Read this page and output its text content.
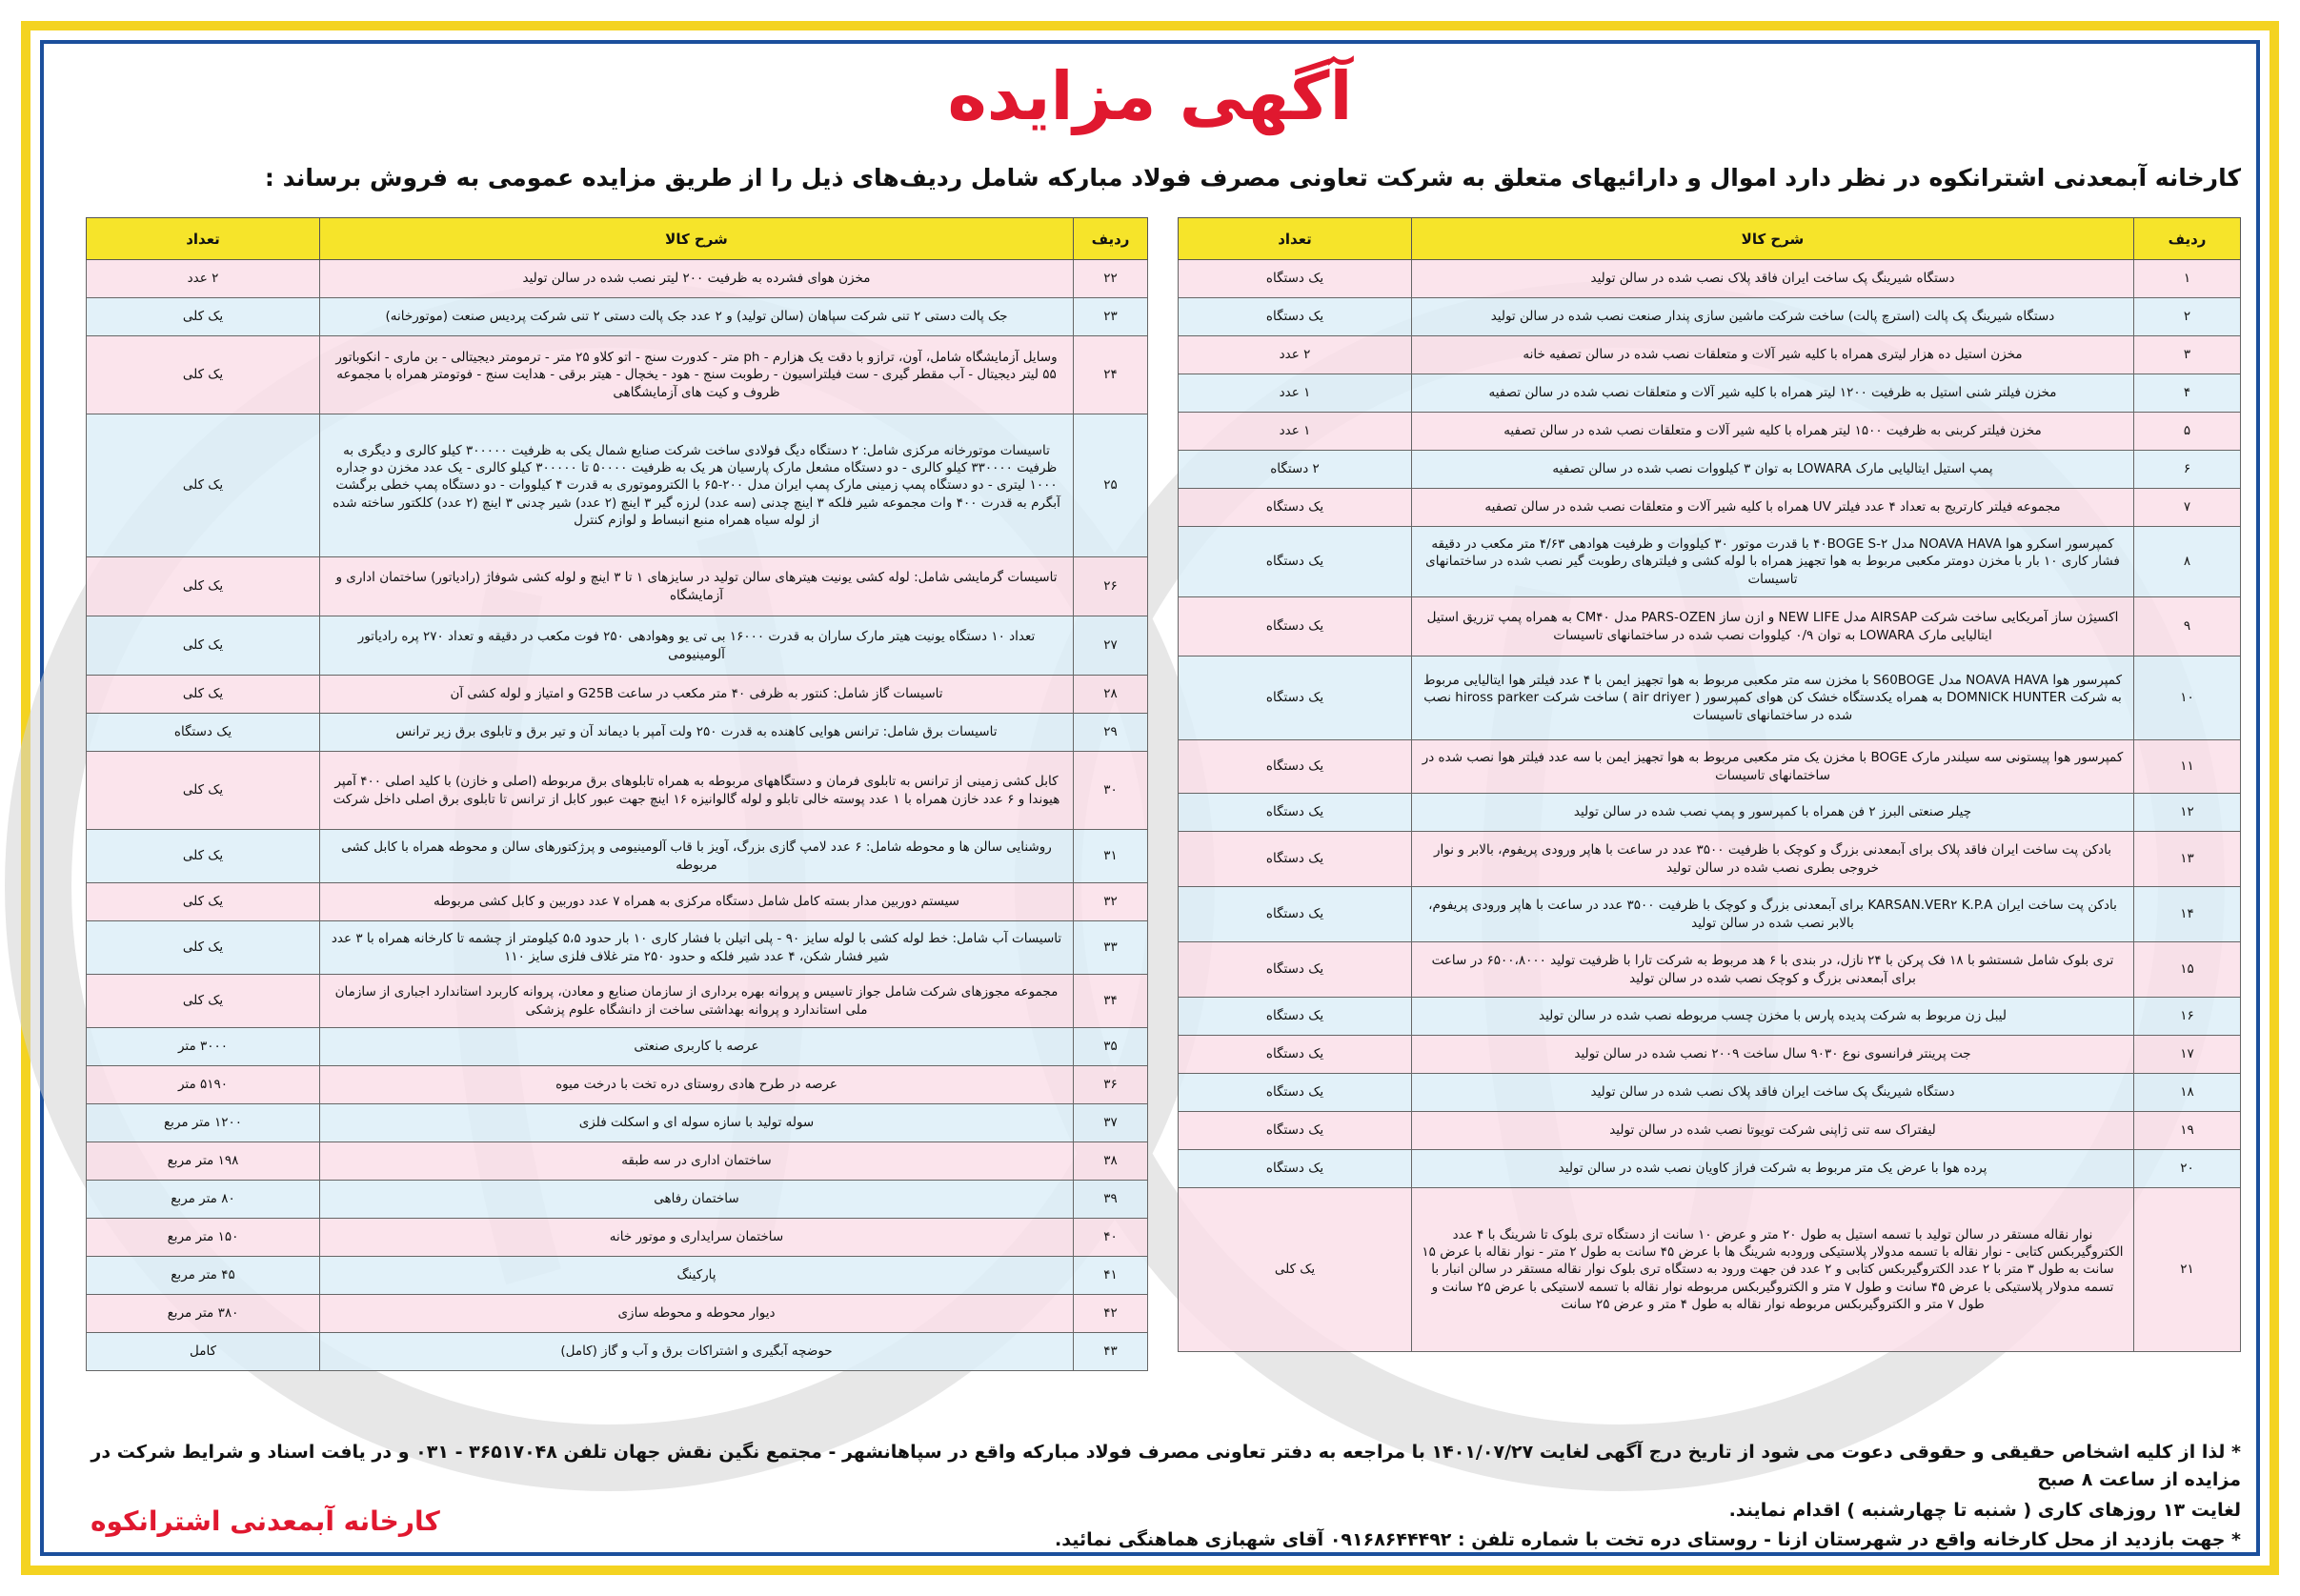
آگهی مزایده
کارخانه آبمعدنی اشترانکوه در نظر دارد اموال و دارائیهای متعلق به شرکت تعاونی مصرف فولاد مبارکه شامل ردیف‌های ذیل را از طریق مزایده عمومی به فروش برساند :
ردیف	شرح کالا	تعداد
۱	دستگاه شیرینگ پک ساخت ایران فاقد پلاک نصب شده در سالن تولید	یک دستگاه
۲	دستگاه شیرینگ پک پالت (استرچ پالت) ساخت شرکت ماشین سازی پندار صنعت نصب شده در سالن تولید	یک دستگاه
۳	مخزن استیل ده هزار لیتری همراه با کلیه شیر آلات و متعلقات نصب شده در سالن تصفیه خانه	۲ عدد
۴	مخزن فیلتر شنی استیل به ظرفیت ۱۲۰۰ لیتر همراه با کلیه شیر آلات و متعلقات نصب شده در سالن تصفیه	۱ عدد
۵	مخزن فیلتر کربنی به ظرفیت ۱۵۰۰ لیتر همراه با کلیه شیر آلات و متعلقات نصب شده در سالن تصفیه	۱ عدد
۶	پمپ استیل ایتالیایی مارک LOWARA به توان ۳ کیلووات نصب شده در سالن تصفیه	۲ دستگاه
۷	مجموعه فیلتر کارتریج به تعداد ۴ عدد فیلتر UV همراه با کلیه شیر آلات و متعلقات نصب شده در سالن تصفیه	یک دستگاه
۸	کمپرسور اسکرو هوا NOAVA HAVA مدل ۲-۴۰BOGE S با قدرت موتور ۳۰ کیلووات و ظرفیت هوادهی ۴/۶۳ متر مکعب در دقیقه فشار کاری ۱۰ بار با مخزن دومتر مکعبی مربوط به هوا تجهیز همراه با لوله کشی و فیلترهای رطوبت گیر نصب شده در ساختمانهای تاسیسات	یک دستگاه
۹	اکسیژن ساز آمریکایی ساخت شرکت AIRSAP مدل NEW LIFE و ازن ساز PARS-OZEN مدل CM۴۰ به همراه پمپ تزریق استیل ایتالیایی مارک LOWARA به توان ۰/۹ کیلووات نصب شده در ساختمانهای تاسیسات	یک دستگاه
۱۰	کمپرسور هوا NOAVA HAVA مدل S60BOGE با مخزن سه متر مکعبی مربوط به هوا تجهیز ایمن با ۴ عدد فیلتر هوا ایتالیایی مربوط به شرکت DOMNICK HUNTER به همراه یکدستگاه خشک کن هوای کمپرسور ( air driyer ) ساخت شرکت hiross parker نصب شده در ساختمانهای تاسیسات	یک دستگاه
۱۱	کمپرسور هوا پیستونی سه سیلندر مارک BOGE با مخزن یک متر مکعبی مربوط به هوا تجهیز ایمن با سه عدد فیلتر هوا نصب شده در ساختمانهای تاسیسات	یک دستگاه
۱۲	چیلر صنعتی البرز ۲ فن همراه با کمپرسور و پمپ نصب شده در سالن تولید	یک دستگاه
۱۳	بادکن پت ساخت ایران فاقد پلاک برای آبمعدنی بزرگ و کوچک با ظرفیت ۳۵۰۰ عدد در ساعت با هاپر ورودی پریفوم، بالابر و نوار خروجی بطری نصب شده در سالن تولید	یک دستگاه
۱۴	بادکن پت ساخت ایران KARSAN.VER۲ K.P.A برای آبمعدنی بزرگ و کوچک با ظرفیت ۳۵۰۰ عدد در ساعت با هاپر ورودی پریفوم، بالابر نصب شده در سالن تولید	یک دستگاه
۱۵	تری بلوک شامل شستشو با ۱۸ فک پرکن با ۲۴ نازل، در بندی با ۶ هد مربوط به شرکت تارا با ظرفیت تولید ۶۵۰۰،۸۰۰۰ در ساعت برای آبمعدنی بزرگ و کوچک نصب شده در سالن تولید	یک دستگاه
۱۶	لیبل زن مربوط به شرکت پدیده پارس با مخزن چسب مربوطه نصب شده در سالن تولید	یک دستگاه
۱۷	جت پرینتر فرانسوی نوع ۹۰۳۰ سال ساخت ۲۰۰۹ نصب شده در سالن تولید	یک دستگاه
۱۸	دستگاه شیرینگ پک ساخت ایران فاقد پلاک نصب شده در سالن تولید	یک دستگاه
۱۹	لیفتراک سه تنی ژاپنی شرکت تویوتا نصب شده در سالن تولید	یک دستگاه
۲۰	پرده هوا با عرض یک متر مربوط به شرکت فراز کاویان نصب شده در سالن تولید	یک دستگاه
۲۱	نوار نقاله مستقر در سالن تولید با تسمه استیل به طول ۲۰ متر و عرض ۱۰ سانت از دستگاه تری بلوک تا شرینگ با ۴ عدد الکتروگیربکس کتابی - نوار نقاله با تسمه مدولار پلاستیکی ورودبه شرینگ ها با عرض ۴۵ سانت به طول ۲ متر - نوار نقاله با عرض ۱۵ سانت به طول ۳ متر با ۲ عدد الکتروگیربکس کتابی و ۲ عدد فن جهت ورود به دستگاه تری بلوک نوار نقاله مستقر در سالن انبار با تسمه مدولار پلاستیکی با عرض ۴۵ سانت و طول ۷ متر و الکتروگیربکس مربوطه نوار نقاله با تسمه لاستیکی با عرض ۲۵ سانت و طول ۷ متر و الکتروگیربکس مربوطه نوار نقاله به طول ۴ متر و عرض ۲۵ سانت	یک کلی
ردیف	شرح کالا	تعداد
۲۲	مخزن هوای فشرده به ظرفیت ۲۰۰ لیتر نصب شده در سالن تولید	۲ عدد
۲۳	جک پالت دستی ۲ تنی شرکت سپاهان (سالن تولید) و ۲ عدد جک پالت دستی ۲ تنی شرکت پردیس صنعت (موتورخانه)	یک کلی
۲۴	وسایل آزمایشگاه شامل، آون، ترازو با دقت یک هزارم - ph متر - کدورت سنج - اتو کلاو ۲۵ متر - ترمومتر دیجیتالی - بن ماری - انکوباتور ۵۵ لیتر دیجیتال - آب مقطر گیری - ست فیلتراسیون - رطوبت سنج - هود - یخچال - هیتر برقی - هدایت سنج - فوتومتر همراه با مجموعه ظروف و کیت های آزمایشگاهی	یک کلی
۲۵	تاسیسات موتورخانه مرکزی شامل: ۲ دستگاه دیگ فولادی ساخت شرکت صنایع شمال یکی به ظرفیت ۳۰۰۰۰۰ کیلو کالری و دیگری به ظرفیت ۳۳۰۰۰۰ کیلو کالری - دو دستگاه مشعل مارک پارسیان هر یک به ظرفیت ۵۰۰۰۰ تا ۳۰۰۰۰۰ کیلو کالری - یک عدد مخزن دو جداره ۱۰۰۰ لیتری - دو دستگاه پمپ زمینی مارک پمپ ایران مدل ۲۰۰-۶۵ با الکتروموتوری به قدرت ۴ کیلووات - دو دستگاه پمپ خطی برگشت آبگرم به قدرت ۴۰۰ وات مجموعه شیر فلکه ۳ اینچ چدنی (سه عدد) لرزه گیر ۳ اینچ (۲ عدد) شیر چدنی ۳ اینچ (۲ عدد) کلکتور ساخته شده از لوله سیاه همراه منبع انبساط و لوازم کنترل	یک کلی
۲۶	تاسیسات گرمایشی شامل: لوله کشی یونیت هیترهای سالن تولید در سایزهای ۱ تا ۳ اینچ و لوله کشی شوفاژ (رادیاتور) ساختمان اداری و آزمایشگاه	یک کلی
۲۷	تعداد ۱۰ دستگاه یونیت هیتر مارک ساران به قدرت ۱۶۰۰۰ بی تی یو وهوادهی ۲۵۰ فوت مکعب در دقیقه و تعداد ۲۷۰ پره رادیاتور آلومینیومی	یک کلی
۲۸	تاسیسات گاز شامل: کنتور به ظرفی ۴۰ متر مکعب در ساعت G25B و امتیاز و لوله کشی آن	یک کلی
۲۹	تاسیسات برق شامل: ترانس هوایی کاهنده به قدرت ۲۵۰ ولت آمپر با دیماند آن و تیر برق و تابلوی برق زیر ترانس	یک دستگاه
۳۰	کابل کشی زمینی از ترانس به تابلوی فرمان و دستگاههای مربوطه به همراه تابلوهای برق مربوطه (اصلی و خازن) با کلید اصلی ۴۰۰ آمپر هیوندا و ۶ عدد خازن همراه با ۱ عدد پوسته خالی تابلو و لوله گالوانیزه ۱۶ اینچ جهت عبور کابل از ترانس تا تابلوی برق اصلی داخل شرکت	یک کلی
۳۱	روشنایی سالن ها و محوطه شامل: ۶ عدد لامپ گازی بزرگ، آویز با قاب آلومینیومی و پرژکتورهای سالن و محوطه همراه با کابل کشی مربوطه	یک کلی
۳۲	سیستم دوربین مدار بسته کامل شامل دستگاه مرکزی به همراه ۷ عدد دوربین و کابل کشی مربوطه	یک کلی
۳۳	تاسیسات آب شامل: خط لوله کشی با لوله سایز ۹۰ - پلی اتیلن با فشار کاری ۱۰ بار حدود ۵،۵ کیلومتر از چشمه تا کارخانه همراه با ۳ عدد شیر فشار شکن، ۴ عدد شیر فلکه و حدود ۲۵۰ متر غلاف فلزی سایز ۱۱۰	یک کلی
۳۴	مجموعه مجوزهای شرکت شامل جواز تاسیس و پروانه بهره برداری از سازمان صنایع و معادن، پروانه کاربرد استاندارد اجباری از سازمان ملی استاندارد و پروانه بهداشتی ساخت از دانشگاه علوم پزشکی	یک کلی
۳۵	عرصه با کاربری صنعتی	۳۰۰۰ متر
۳۶	عرصه در طرح هادی روستای دره تخت با درخت میوه	۵۱۹۰ متر
۳۷	سوله تولید با سازه سوله ای و اسکلت فلزی	۱۲۰۰ متر مربع
۳۸	ساختمان اداری در سه طبقه	۱۹۸ متر مربع
۳۹	ساختمان رفاهی	۸۰ متر مربع
۴۰	ساختمان سرایداری و موتور خانه	۱۵۰ متر مربع
۴۱	پارکینگ	۴۵ متر مربع
۴۲	دیوار محوطه و محوطه سازی	۳۸۰ متر مربع
۴۳	حوضچه آبگیری و اشتراکات برق و آب و گاز (کامل)	کامل

* لذا از کلیه اشخاص حقیقی و حقوقی دعوت می شود از تاریخ درج آگهی لغایت ۱۴۰۱/۰۷/۲۷ با مراجعه به دفتر تعاونی مصرف فولاد مبارکه واقع در سپاهانشهر - مجتمع نگین نقش جهان تلفن ۳۶۵۱۷۰۴۸ - ۰۳۱ و در یافت اسناد و شرایط شرکت در مزایده از ساعت ۸ صبح

لغایت ۱۳ روزهای کاری ( شنبه تا چهارشنبه ) اقدام نمایند.

* جهت بازدید از محل کارخانه واقع در شهرستان ازنا - روستای دره تخت با شماره تلفن : ۰۹۱۶۸۶۴۴۴۹۲ آقای شهبازی هماهنگی نمائید.

کارخانه آبمعدنی اشترانکوه
